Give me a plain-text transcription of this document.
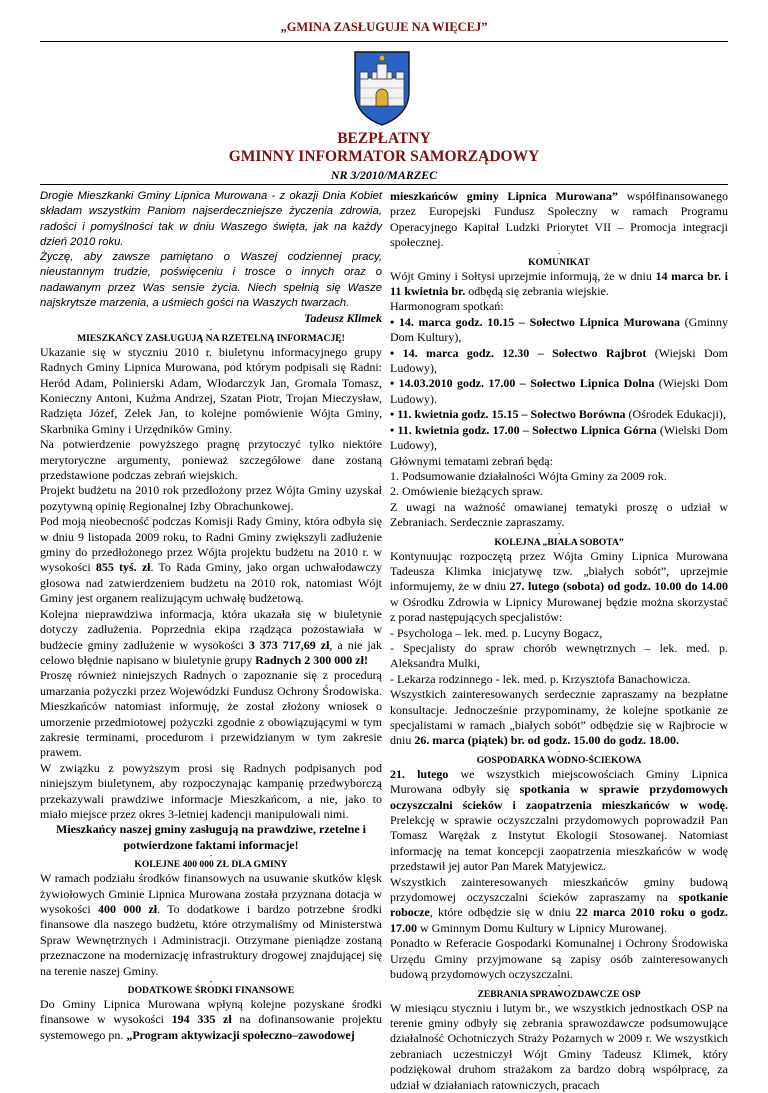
„GMINA ZASŁUGUJE NA WIĘCEJ”
BEZPŁATNY
GMINNY INFORMATOR SAMORZĄDOWY
NR 3/2010/MARZEC

Drogie Mieszkanki Gminy Lipnica Murowana - z okazji Dnia Kobiet składam wszystkim Paniom najserdeczniejsze życzenia zdrowia, radości i pomyślności tak w dniu Waszego święta, jak na każdy dzień 2010 roku.

Życzę, aby zawsze pamiętano o Waszej codziennej pracy, nieustannym trudzie, poświęceniu i trosce o innych oraz o nadawanym przez Was sensie życia. Niech spełnią się Wasze najskrytsze marzenia, a uśmiech gości na Waszych twarzach.

Tadeusz Klimek

-

MIESZKAŃCY ZASŁUGUJĄ NA RZETELNĄ INFORMACJĘ!

Ukazanie się w styczniu 2010 r. biuletynu informacyjnego grupy Radnych Gminy Lipnica Murowana, pod którym podpisali się Radni: Heród Adam, Polinierski Adam, Włodarczyk Jan, Gromala Tomasz, Konieczny Antoni, Kuźma Andrzej, Szatan Piotr, Trojan Mieczysław, Radzięta Józef, Zelek Jan, to kolejne pomówienie Wójta Gminy, Skarbnika Gminy i Urzędników Gminy.

Na potwierdzenie powyższego pragnę przytoczyć tylko niektóre merytoryczne argumenty, ponieważ szczegółowe dane zostaną przedstawione podczas zebrań wiejskich.

Projekt budżetu na 2010 rok przedłożony przez Wójta Gminy uzyskał pozytywną opinię Regionalnej Izby Obrachunkowej.

Pod moją nieobecność podczas Komisji Rady Gminy, która odbyła się w dniu 9 listopada 2009 roku, to Radni Gminy zwiększyli zadłużenie gminy do przedłożonego przez Wójta projektu budżetu na 2010 r. w wysokości 855 tyś. zł. To Rada Gminy, jako organ uchwałodawczy głosowa nad zatwierdzeniem budżetu na 2010 rok, natomiast Wójt Gminy jest organem realizującym uchwałę budżetową.

Kolejna nieprawdziwa informacja, która ukazała się w biuletynie dotyczy zadłużenia. Poprzednia ekipa rządząca pozostawiała w budżecie gminy zadłużenie w wysokości 3 373 717,69 zł, a nie jak celowo błędnie napisano w biuletynie grupy Radnych 2 300 000 zł!

Proszę również niniejszych Radnych o zapoznanie się z procedurą umarzania pożyczki przez Wojewódzki Fundusz Ochrony Środowiska. Mieszkańców natomiast informuję, że został złożony wniosek o umorzenie przedmiotowej pożyczki zgodnie z obowiązującymi w tym zakresie terminami, procedurom i przewidzianym w tym zakresie prawem.

W związku z powyższym prosi się Radnych podpisanych pod niniejszym biuletynem, aby rozpoczynając kampanię przedwyborczą przekazywali prawdziwe informacje Mieszkańcom, a nie, jako to miało miejsce przez okres 3-letniej kadencji manipulowali nimi.

Mieszkańcy naszej gminy zasługują na prawdziwe, rzetelne i potwierdzone faktami informacje!

-

KOLEJNE 400 000 ZŁ DLA GMINY

W ramach podziału środków finansowych na usuwanie skutków klęsk żywiołowych Gminie Lipnica Murowana została przyznana dotacja w wysokości 400 000 zł. To dodatkowe i bardzo potrzebne środki finansowe dla naszego budżetu, które otrzymaliśmy od Ministerstwa Spraw Wewnętrznych i Administracji. Otrzymane pieniądze zostaną przeznaczone na modernizację infrastruktury drogowej znajdującej się na terenie naszej Gminy.

-

DODATKOWE ŚRODKI FINANSOWE

Do Gminy Lipnica Murowana wpłyną kolejne pozyskane środki finansowe w wysokości 194 335 zł na dofinansowanie projektu systemowego pn. „Program aktywizacji społeczno–zawodowej

mieszkańców gminy Lipnica Murowana” współfinansowanego przez Europejski Fundusz Społeczny w ramach Programu Operacyjnego Kapitał Ludzki Priorytet VII – Promocja integracji społecznej.

-

KOMUNIKAT

Wójt Gminy i Sołtysi uprzejmie informują, że w dniu 14 marca br. i 11 kwietnia br. odbędą się zebrania wiejskie.

Harmonogram spotkań:

• 14. marca godz. 10.15 – Sołectwo Lipnica Murowana (Gminny Dom Kultury),

• 14. marca godz. 12.30 – Sołectwo Rajbrot (Wiejski Dom Ludowy),

• 14.03.2010 godz. 17.00 – Sołectwo Lipnica Dolna (Wiejski Dom Ludowy).

• 11. kwietnia godz. 15.15 – Sołectwo Borówna (Ośrodek Edukacji),

• 11. kwietnia godz. 17.00 – Sołectwo Lipnica Górna (Wielski Dom Ludowy),

Głównymi tematami zebrań będą:

1. Podsumowanie działalności Wójta Gminy za 2009 rok.

2. Omówienie bieżących spraw.

Z uwagi na ważność omawianej tematyki proszę o udział w Zebraniach. Serdecznie zapraszamy.

-

KOLEJNA „BIAŁA SOBOTA”

Kontynuując rozpoczętą przez Wójta Gminy Lipnica Murowana Tadeusza Klimka inicjatywę tzw. „białych sobót”, uprzejmie informujemy, że w dniu 27. lutego (sobota) od godz. 10.00 do 14.00 w Ośrodku Zdrowia w Lipnicy Murowanej będzie można skorzystać z porad następujących specjalistów:

- Psychologa – lek. med. p. Lucyny Bogacz,

- Specjalisty do spraw chorób wewnętrznych – lek. med. p. Aleksandra Mulki,

- Lekarza rodzinnego - lek. med. p. Krzysztofa Banachowicza.

Wszystkich zainteresowanych serdecznie zapraszamy na bezpłatne konsultacje. Jednocześnie przypominamy, że kolejne spotkanie ze specjalistami w ramach „białych sobót” odbędzie się w Rajbrocie w dniu 26. marca (piątek) br. od godz. 15.00 do godz. 18.00.

-

GOSPODARKA WODNO-ŚCIEKOWA

21. lutego we wszystkich miejscowościach Gminy Lipnica Murowana odbyły się spotkania w sprawie przydomowych oczyszczalni ścieków i zaopatrzenia mieszkańców w wodę. Prelekcję w sprawie oczyszczalni przydomowych poprowadził Pan Tomasz Warężak z Instytut Ekologii Stosowanej. Natomiast informację na temat koncepcji zaopatrzenia mieszkańców w wodę przedstawił jej autor Pan Marek Matyjewicz.

Wszystkich zainteresowanych mieszkańców gminy budową przydomowej oczyszczalni ścieków zapraszamy na spotkanie robocze, które odbędzie się w dniu 22 marca 2010 roku o godz. 17.00 w Gminnym Domu Kultury w Lipnicy Murowanej.

Ponadto w Referacie Gospodarki Komunalnej i Ochrony Środowiska Urzędu Gminy przyjmowane są zapisy osób zainteresowanych budową przydomowych oczyszczalni.

-

ZEBRANIA SPRAWOZDAWCZE OSP

W miesiącu styczniu i lutym br., we wszystkich jednostkach OSP na terenie gminy odbyły się zebrania sprawozdawcze podsumowujące działalność Ochotniczych Straży Pożarnych w 2009 r. We wszystkich zebraniach uczestniczył Wójt Gminy Tadeusz Klimek, który podziękował druhom strażakom za bardzo dobrą współpracę, za udział w działaniach ratowniczych, pracach
